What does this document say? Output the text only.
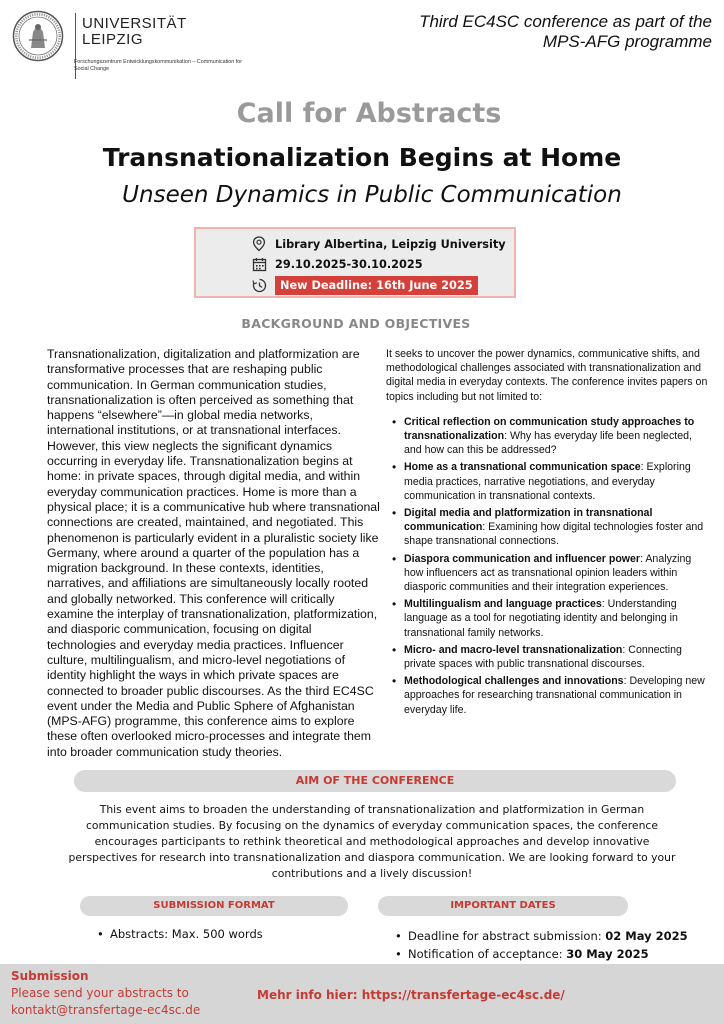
UNIVERSITÄT LEIPZIG
Forschungszentrum Entwicklungskommunikation – Communication for Social Change
Third EC4SC conference as part of the MPS-AFG programme
Call for Abstracts
Transnationalization Begins at Home
Unseen Dynamics in Public Communication
Library Albertina, Leipzig University
29.10.2025-30.10.2025
New Deadline: 16th June 2025
BACKGROUND AND OBJECTIVES
Transnationalization, digitalization and platformization are transformative processes that are reshaping public communication. In German communication studies, transnationalization is often perceived as something that happens “elsewhere”—in global media networks, international institutions, or at transnational interfaces. However, this view neglects the significant dynamics occurring in everyday life. Transnationalization begins at home: in private spaces, through digital media, and within everyday communication practices. Home is more than a physical place; it is a communicative hub where transnational connections are created, maintained, and negotiated. This phenomenon is particularly evident in a pluralistic society like Germany, where around a quarter of the population has a migration background. In these contexts, identities, narratives, and affiliations are simultaneously locally rooted and globally networked. This conference will critically examine the interplay of transnationalization, platformization, and diasporic communication, focusing on digital technologies and everyday media practices. Influencer culture, multilingualism, and micro-level negotiations of identity highlight the ways in which private spaces are connected to broader public discourses. As the third EC4SC event under the Media and Public Sphere of Afghanistan (MPS-AFG) programme, this conference aims to explore these often overlooked micro-processes and integrate them into broader communication study theories.

It seeks to uncover the power dynamics, communicative shifts, and methodological challenges associated with transnationalization and digital media in everyday contexts. The conference invites papers on topics including but not limited to:

• Critical reflection on communication study approaches to transnationalization: Why has everyday life been neglected, and how can this be addressed?
• Home as a transnational communication space: Exploring media practices, narrative negotiations, and everyday communication in transnational contexts.
• Digital media and platformization in transnational communication: Examining how digital technologies foster and shape transnational connections.
• Diaspora communication and influencer power: Analyzing how influencers act as transnational opinion leaders within diasporic communities and their integration experiences.
• Multilingualism and language practices: Understanding language as a tool for negotiating identity and belonging in transnational family networks.
• Micro- and macro-level transnationalization: Connecting private spaces with public transnational discourses.
• Methodological challenges and innovations: Developing new approaches for researching transnational communication in everyday life.
AIM OF THE CONFERENCE
This event aims to broaden the understanding of transnationalization and platformization in German communication studies. By focusing on the dynamics of everyday communication spaces, the conference encourages participants to rethink theoretical and methodological approaches and develop innovative perspectives for research into transnationalization and diaspora communication. We are looking forward to your contributions and a lively discussion!
SUBMISSION FORMAT	IMPORTANT DATES
• Abstracts: Max. 500 words
•	Deadline for abstract submission: 02 May 2025
• Notification of acceptance: 30 May 2025
Submission
Please send your abstracts to
kontakt@transfertage-ec4sc.de
Mehr info hier: https://transfertage-ec4sc.de/
